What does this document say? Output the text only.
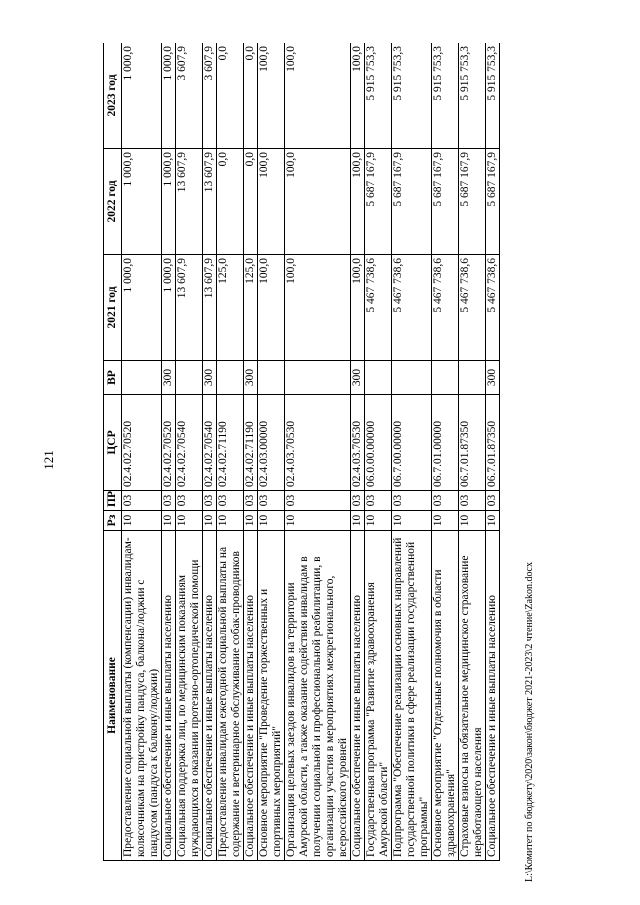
121
Наименование	Рз	ПР	ЦСР	ВР	2021 год	2022 год	2023 год
Предоставление социальной выплаты (компенсации) инвалидам-колясочникам на пристройку пандуса, балкона/лоджии с пандусом (пандуса к балкону/лоджии)	10	03	02.4.02.70520		1 000,0	1 000,0	1 000,0
Социальное обеспечение и иные выплаты населению	10	03	02.4.02.70520	300	1 000,0	1 000,0	1 000,0
Социальная поддержка лиц, по медицинским показаниям нуждающихся в оказании протезно-ортопедической помощи	10	03	02.4.02.70540		13 607,9	13 607,9	3 607,9
Социальное обеспечение и иные выплаты населению	10	03	02.4.02.70540	300	13 607,9	13 607,9	3 607,9
Предоставление инвалидам ежегодной социальной выплаты на содержание и ветеринарное обслуживание собак-проводников	10	03	02.4.02.71190		125,0	0,0	0,0
Социальное обеспечение и иные выплаты населению	10	03	02.4.02.71190	300	125,0	0,0	0,0
Основное мероприятие "Проведение торжественных и спортивных мероприятий"	10	03	02.4.03.00000		100,0	100,0	100,0
Организация целевых заездов инвалидов на территории Амурской области, а также оказание содействия инвалидам в получении социальной и профессиональной реабилитации, в организации участия в мероприятиях межрегионального, всероссийского уровней	10	03	02.4.03.70530		100,0	100,0	100,0
Социальное обеспечение и иные выплаты населению	10	03	02.4.03.70530	300	100,0	100,0	100,0
Государственная программа "Развитие здравоохранения Амурской области"	10	03	06.0.00.00000		5 467 738,6	5 687 167,9	5 915 753,3
Подпрограмма "Обеспечение реализации основных направлений государственной политики в сфере реализации государственной программы"	10	03	06.7.00.00000		5 467 738,6	5 687 167,9	5 915 753,3
Основное мероприятие "Отдельные полномочия в области здравоохранения"	10	03	06.7.01.00000		5 467 738,6	5 687 167,9	5 915 753,3
Страховые взносы на обязательное медицинское страхование неработающего населения	10	03	06.7.01.87350		5 467 738,6	5 687 167,9	5 915 753,3
Социальное обеспечение и иные выплаты населению	10	03	06.7.01.87350	300	5 467 738,6	5 687 167,9	5 915 753,3
L:\Комитет по бюджету\2020\закон\бюджет 2021-2023\2 чтение\Zakon.docx
